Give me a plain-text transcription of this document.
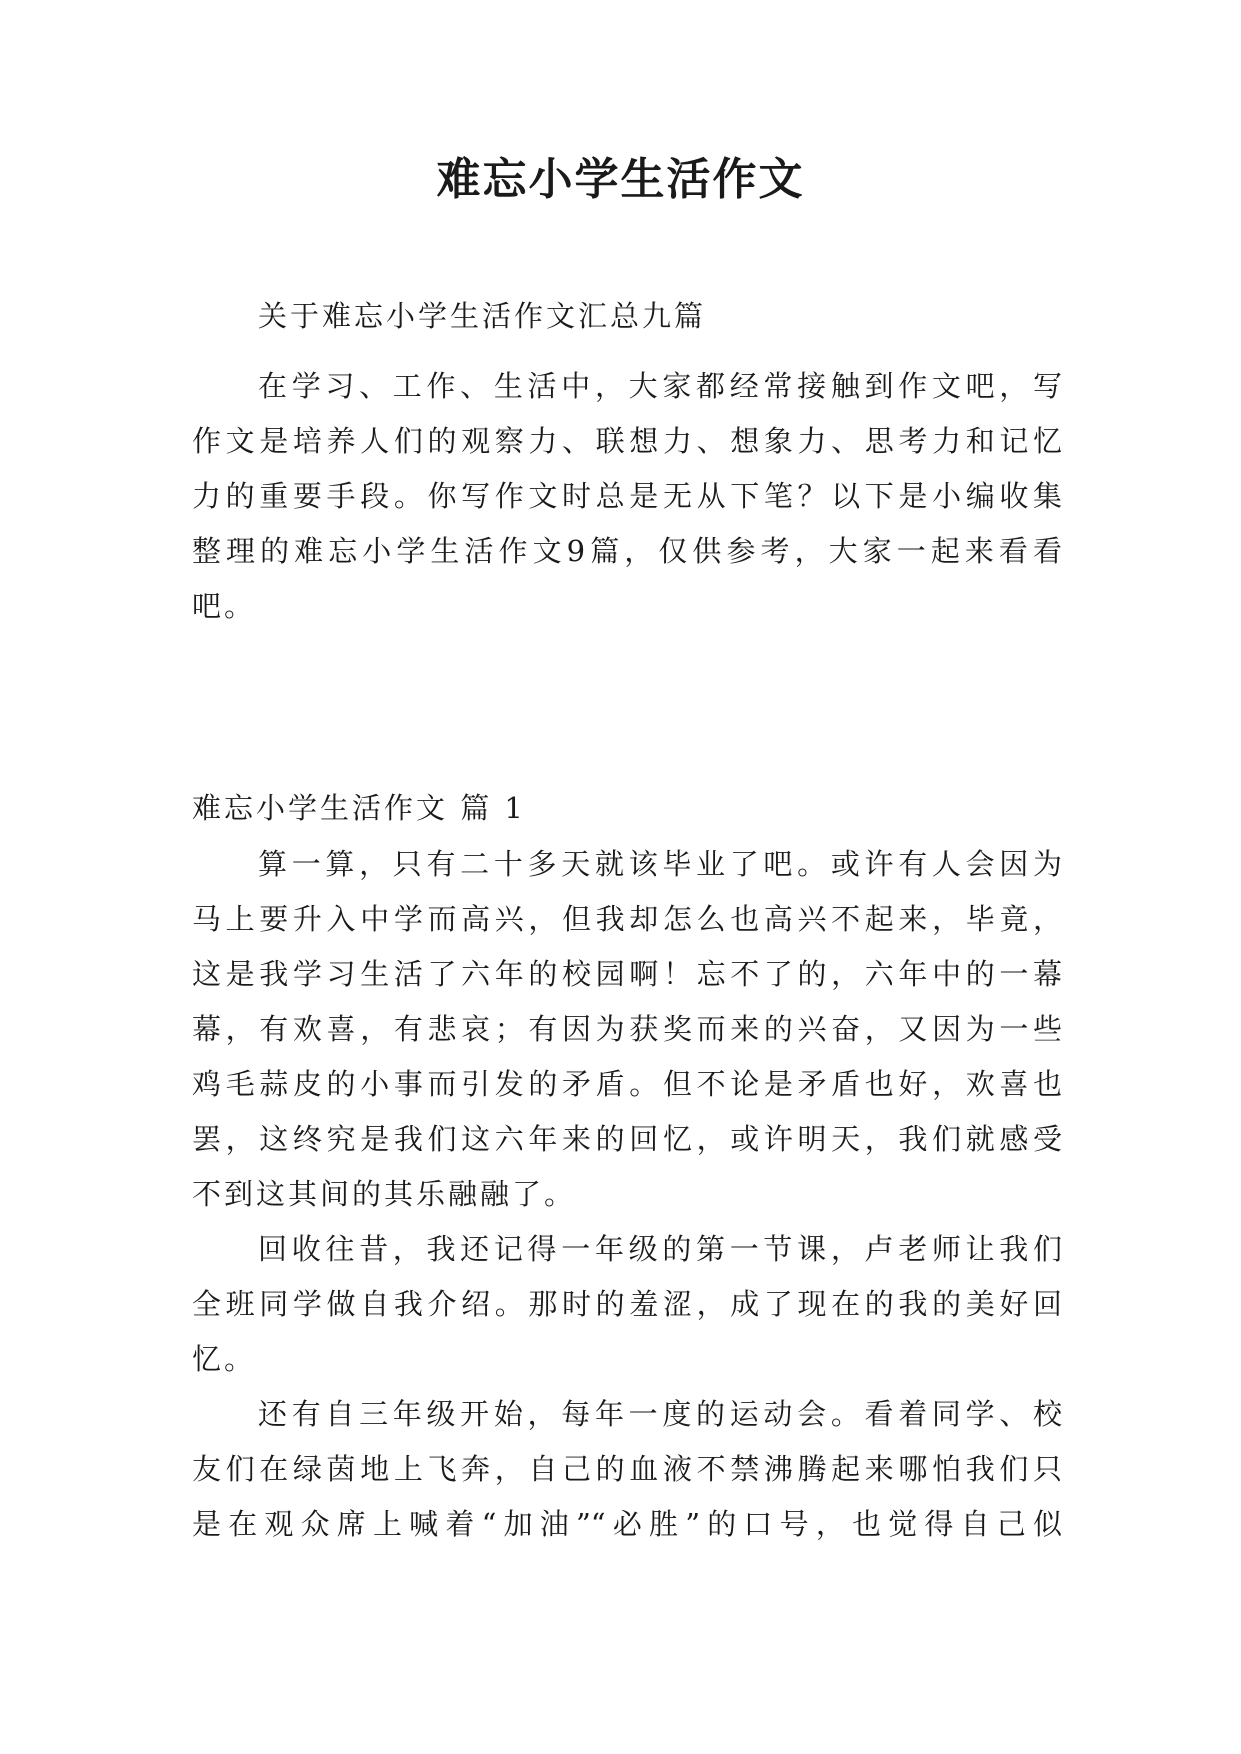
难忘小学生活作文
关于难忘小学生活作文汇总九篇
在学习、工作、生活中，大家都经常接触到作文吧，写
作文是培养人们的观察力、联想力、想象力、思考力和记忆
力的重要手段。你写作文时总是无从下笔？以下是小编收集
整理的难忘小学生活作文9篇，仅供参考，大家一起来看看
吧。
难忘小学生活作文 篇 1
算一算，只有二十多天就该毕业了吧。或许有人会因为
马上要升入中学而高兴，但我却怎么也高兴不起来，毕竟，
这是我学习生活了六年的校园啊！忘不了的，六年中的一幕
幕，有欢喜，有悲哀；有因为获奖而来的兴奋，又因为一些
鸡毛蒜皮的小事而引发的矛盾。但不论是矛盾也好，欢喜也
罢，这终究是我们这六年来的回忆，或许明天，我们就感受
不到这其间的其乐融融了。
回收往昔，我还记得一年级的第一节课，卢老师让我们
全班同学做自我介绍。那时的羞涩，成了现在的我的美好回
忆。
还有自三年级开始，每年一度的运动会。看着同学、校
友们在绿茵地上飞奔，自己的血液不禁沸腾起来哪怕我们只
是在观众席上喊着“加油”“必胜”的口号，也觉得自己似
